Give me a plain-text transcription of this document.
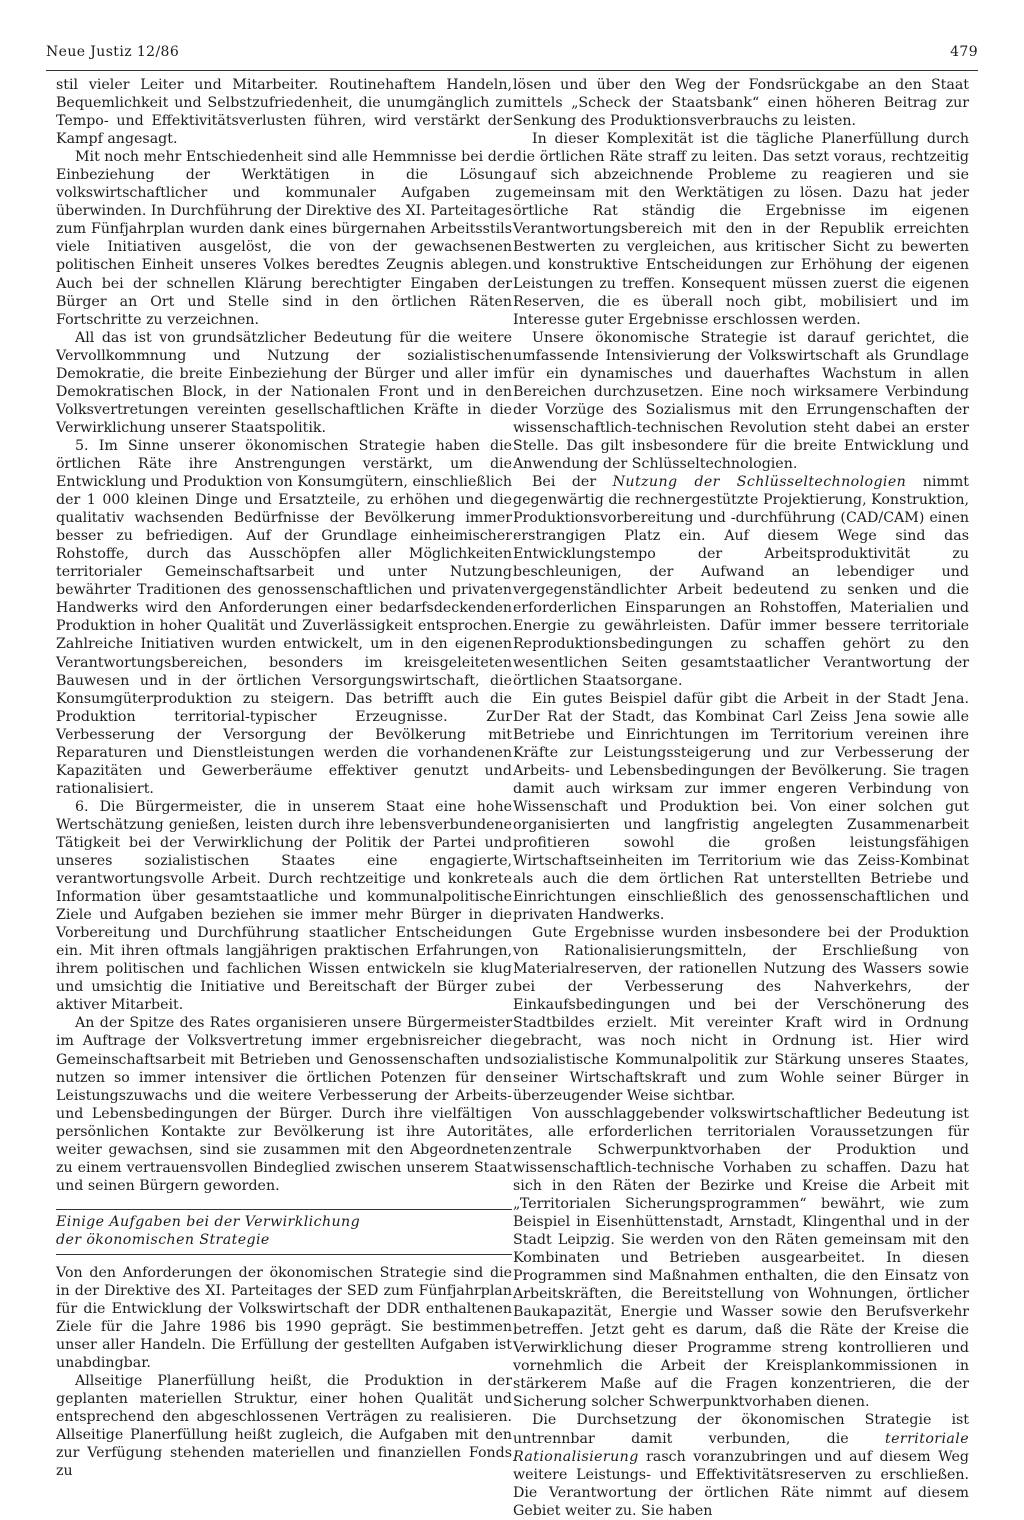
Neue Justiz 12/86	479

stil vieler Leiter und Mitarbeiter. Routinehaftem Handeln, Bequemlichkeit und Selbstzufriedenheit, die unumgänglich zu Tempo- und Effektivitätsverlusten führen, wird verstärkt der Kampf angesagt.

Mit noch mehr Entschiedenheit sind alle Hemmnisse bei der Einbeziehung der Werktätigen in die Lösung volkswirtschaftlicher und kommunaler Aufgaben zu überwinden. In Durchführung der Direktive des XI. Parteitages zum Fünfjahrplan wurden dank eines bürgernahen Arbeitsstils viele Initiativen ausgelöst, die von der gewachsenen politischen Einheit unseres Volkes beredtes Zeugnis ablegen. Auch bei der schnellen Klärung berechtigter Eingaben der Bürger an Ort und Stelle sind in den örtlichen Räten Fortschritte zu verzeichnen.

All das ist von grundsätzlicher Bedeutung für die weitere Vervollkommnung und Nutzung der sozialistischen Demokratie, die breite Einbeziehung der Bürger und aller im Demokratischen Block, in der Nationalen Front und in den Volksvertretungen vereinten gesellschaftlichen Kräfte in die Verwirklichung unserer Staatspolitik.

5. Im Sinne unserer ökonomischen Strategie haben die örtlichen Räte ihre Anstrengungen verstärkt, um die Entwicklung und Produktion von Konsumgütern, einschließlich der 1 000 kleinen Dinge und Ersatzteile, zu erhöhen und die qualitativ wachsenden Bedürfnisse der Bevölkerung immer besser zu befriedigen. Auf der Grundlage einheimischer Rohstoffe, durch das Ausschöpfen aller Möglichkeiten territorialer Gemeinschaftsarbeit und unter Nutzung bewährter Traditionen des genossenschaftlichen und privaten Handwerks wird den Anforderungen einer bedarfsdeckenden Produktion in hoher Qualität und Zuverlässigkeit entsprochen. Zahlreiche Initiativen wurden entwickelt, um in den eigenen Verantwortungsbereichen, besonders im kreisgeleiteten Bauwesen und in der örtlichen Versorgungswirtschaft, die Konsumgüterproduktion zu steigern. Das betrifft auch die Produktion territorial-typischer Erzeugnisse. Zur Verbesserung der Versorgung der Bevölkerung mit Reparaturen und Dienstleistungen werden die vorhandenen Kapazitäten und Gewerberäume effektiver genutzt und rationalisiert.

6. Die Bürgermeister, die in unserem Staat eine hohe Wertschätzung genießen, leisten durch ihre lebensverbundene Tätigkeit bei der Verwirklichung der Politik der Partei und unseres sozialistischen Staates eine engagierte, verantwortungsvolle Arbeit. Durch rechtzeitige und konkrete Information über gesamtstaatliche und kommunalpolitische Ziele und Aufgaben beziehen sie immer mehr Bürger in die Vorbereitung und Durchführung staatlicher Entscheidungen ein. Mit ihren oftmals langjährigen praktischen Erfahrungen, ihrem politischen und fachlichen Wissen entwickeln sie klug und umsichtig die Initiative und Bereitschaft der Bürger zu aktiver Mitarbeit.

An der Spitze des Rates organisieren unsere Bürgermeister im Auftrage der Volksvertretung immer ergebnisreicher die Gemeinschaftsarbeit mit Betrieben und Genossenschaften und nutzen so immer intensiver die örtlichen Potenzen für den Leistungszuwachs und die weitere Verbesserung der Arbeits- und Lebensbedingungen der Bürger. Durch ihre vielfältigen persönlichen Kontakte zur Bevölkerung ist ihre Autorität weiter gewachsen, sind sie zusammen mit den Abgeordneten zu einem vertrauensvollen Bindeglied zwischen unserem Staat und seinen Bürgern geworden.

Einige Aufgaben bei der Verwirklichung
der ökonomischen Strategie

Von den Anforderungen der ökonomischen Strategie sind die in der Direktive des XI. Parteitages der SED zum Fünfjahrplan für die Entwicklung der Volkswirtschaft der DDR enthaltenen Ziele für die Jahre 1986 bis 1990 geprägt. Sie bestimmen unser aller Handeln. Die Erfüllung der gestellten Aufgaben ist unabdingbar.

Allseitige Planerfüllung heißt, die Produktion in der geplanten materiellen Struktur, einer hohen Qualität und entsprechend den abgeschlossenen Verträgen zu realisieren. Allseitige Planerfüllung heißt zugleich, die Aufgaben mit den zur Verfügung stehenden materiellen und finanziellen Fonds zu

lösen und über den Weg der Fondsrückgabe an den Staat mittels „Scheck der Staatsbank“ einen höheren Beitrag zur Senkung des Produktionsverbrauchs zu leisten.

In dieser Komplexität ist die tägliche Planerfüllung durch die örtlichen Räte straff zu leiten. Das setzt voraus, rechtzeitig auf sich abzeichnende Probleme zu reagieren und sie gemeinsam mit den Werktätigen zu lösen. Dazu hat jeder örtliche Rat ständig die Ergebnisse im eigenen Verantwortungsbereich mit den in der Republik erreichten Bestwerten zu vergleichen, aus kritischer Sicht zu bewerten und konstruktive Entscheidungen zur Erhöhung der eigenen Leistungen zu treffen. Konsequent müssen zuerst die eigenen Reserven, die es überall noch gibt, mobilisiert und im Interesse guter Ergebnisse erschlossen werden.

Unsere ökonomische Strategie ist darauf gerichtet, die umfassende Intensivierung der Volkswirtschaft als Grundlage für ein dynamisches und dauerhaftes Wachstum in allen Bereichen durchzusetzen. Eine noch wirksamere Verbindung der Vorzüge des Sozialismus mit den Errungenschaften der wissenschaftlich-technischen Revolution steht dabei an erster Stelle. Das gilt insbesondere für die breite Entwicklung und Anwendung der Schlüsseltechnologien.

Bei der Nutzung der Schlüsseltechnologien nimmt gegenwärtig die rechnergestützte Projektierung, Konstruktion, Produktionsvorbereitung und -durchführung (CAD/CAM) einen erstrangigen Platz ein. Auf diesem Wege sind das Entwicklungstempo der Arbeitsproduktivität zu beschleunigen, der Aufwand an lebendiger und vergegenständlichter Arbeit bedeutend zu senken und die erforderlichen Einsparungen an Rohstoffen, Materialien und Energie zu gewährleisten. Dafür immer bessere territoriale Reproduktionsbedingungen zu schaffen gehört zu den wesentlichen Seiten gesamtstaatlicher Verantwortung der örtlichen Staatsorgane.

Ein gutes Beispiel dafür gibt die Arbeit in der Stadt Jena. Der Rat der Stadt, das Kombinat Carl Zeiss Jena sowie alle Betriebe und Einrichtungen im Territorium vereinen ihre Kräfte zur Leistungssteigerung und zur Verbesserung der Arbeits- und Lebensbedingungen der Bevölkerung. Sie tragen damit auch wirksam zur immer engeren Verbindung von Wissenschaft und Produktion bei. Von einer solchen gut organisierten und langfristig angelegten Zusammenarbeit profitieren sowohl die großen leistungsfähigen Wirtschaftseinheiten im Territorium wie das Zeiss-Kombinat als auch die dem örtlichen Rat unterstellten Betriebe und Einrichtungen einschließlich des genossenschaftlichen und privaten Handwerks.

Gute Ergebnisse wurden insbesondere bei der Produktion von Rationalisierungsmitteln, der Erschließung von Materialreserven, der rationellen Nutzung des Wassers sowie bei der Verbesserung des Nahverkehrs, der Einkaufsbedingungen und bei der Verschönerung des Stadtbildes erzielt. Mit vereinter Kraft wird in Ordnung gebracht, was noch nicht in Ordnung ist. Hier wird sozialistische Kommunalpolitik zur Stärkung unseres Staates, seiner Wirtschaftskraft und zum Wohle seiner Bürger in überzeugender Weise sichtbar.

Von ausschlaggebender volkswirtschaftlicher Bedeutung ist es, alle erforderlichen territorialen Voraussetzungen für zentrale Schwerpunktvorhaben der Produktion und wissenschaftlich-technische Vorhaben zu schaffen. Dazu hat sich in den Räten der Bezirke und Kreise die Arbeit mit „Territorialen Sicherungsprogrammen“ bewährt, wie zum Beispiel in Eisenhüttenstadt, Arnstadt, Klingenthal und in der Stadt Leipzig. Sie werden von den Räten gemeinsam mit den Kombinaten und Betrieben ausgearbeitet. In diesen Programmen sind Maßnahmen enthalten, die den Einsatz von Arbeitskräften, die Bereitstellung von Wohnungen, örtlicher Baukapazität, Energie und Wasser sowie den Berufsverkehr betreffen. Jetzt geht es darum, daß die Räte der Kreise die Verwirklichung dieser Programme streng kontrollieren und vornehmlich die Arbeit der Kreisplankommissionen in stärkerem Maße auf die Fragen konzentrieren, die der Sicherung solcher Schwerpunktvorhaben dienen.

Die Durchsetzung der ökonomischen Strategie ist untrennbar damit verbunden, die territoriale Rationalisierung rasch voranzubringen und auf diesem Weg weitere Leistungs- und Effektivitätsreserven zu erschließen. Die Verantwortung der örtlichen Räte nimmt auf diesem Gebiet weiter zu. Sie haben
